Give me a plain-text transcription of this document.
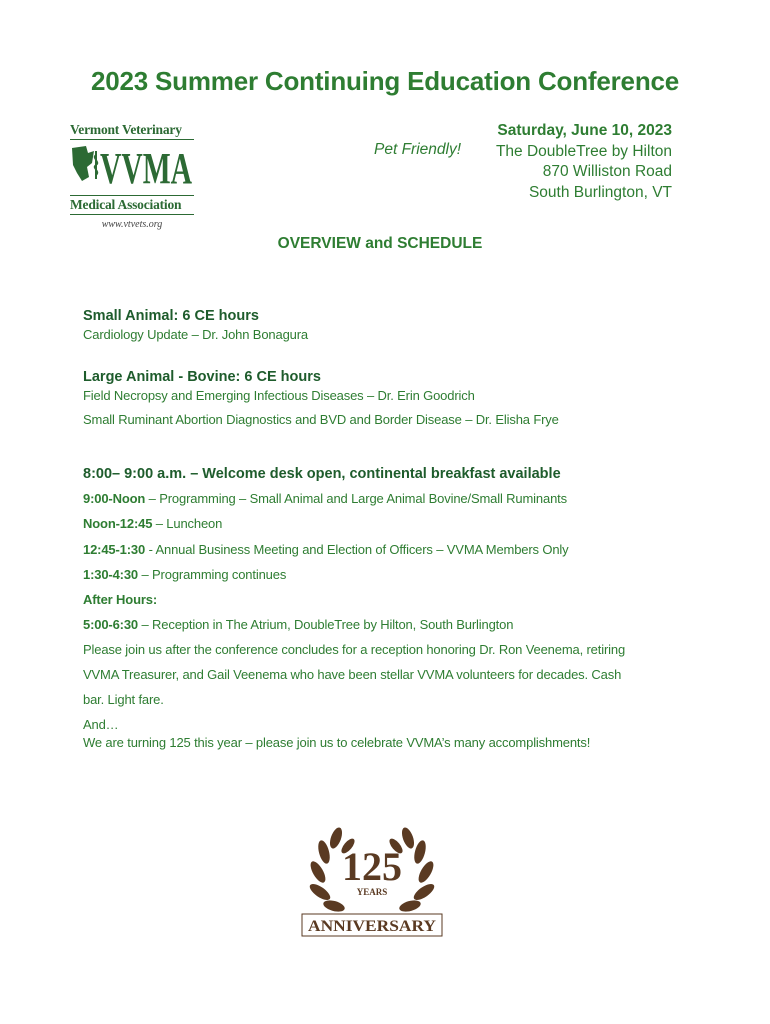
2023 Summer Continuing Education Conference
Vermont Veterinary
VVMA
Medical Association
www.vtvets.org
Pet Friendly!
Saturday, June 10, 2023
The DoubleTree by Hilton
870 Williston Road
South Burlington, VT
OVERVIEW and SCHEDULE
Small Animal: 6 CE hours
Cardiology Update – Dr. John Bonagura
Large Animal - Bovine: 6 CE hours
Field Necropsy and Emerging Infectious Diseases – Dr. Erin Goodrich
Small Ruminant Abortion Diagnostics and BVD and Border Disease – Dr. Elisha Frye
8:00– 9:00 a.m. – Welcome desk open, continental breakfast available
9:00-Noon – Programming – Small Animal and Large Animal Bovine/Small Ruminants
Noon-12:45 – Luncheon
12:45-1:30 - Annual Business Meeting and Election of Officers – VVMA Members Only
1:30-4:30 – Programming continues
After Hours:
5:00-6:30 – Reception in The Atrium, DoubleTree by Hilton, South Burlington
Please join us after the conference concludes for a reception honoring Dr. Ron Veenema, retiring
VVMA Treasurer, and Gail Veenema who have been stellar VVMA volunteers for decades. Cash
bar. Light fare.
And…
We are turning 125 this year – please join us to celebrate VVMA’s many accomplishments!
125
YEARS
ANNIVERSARY
